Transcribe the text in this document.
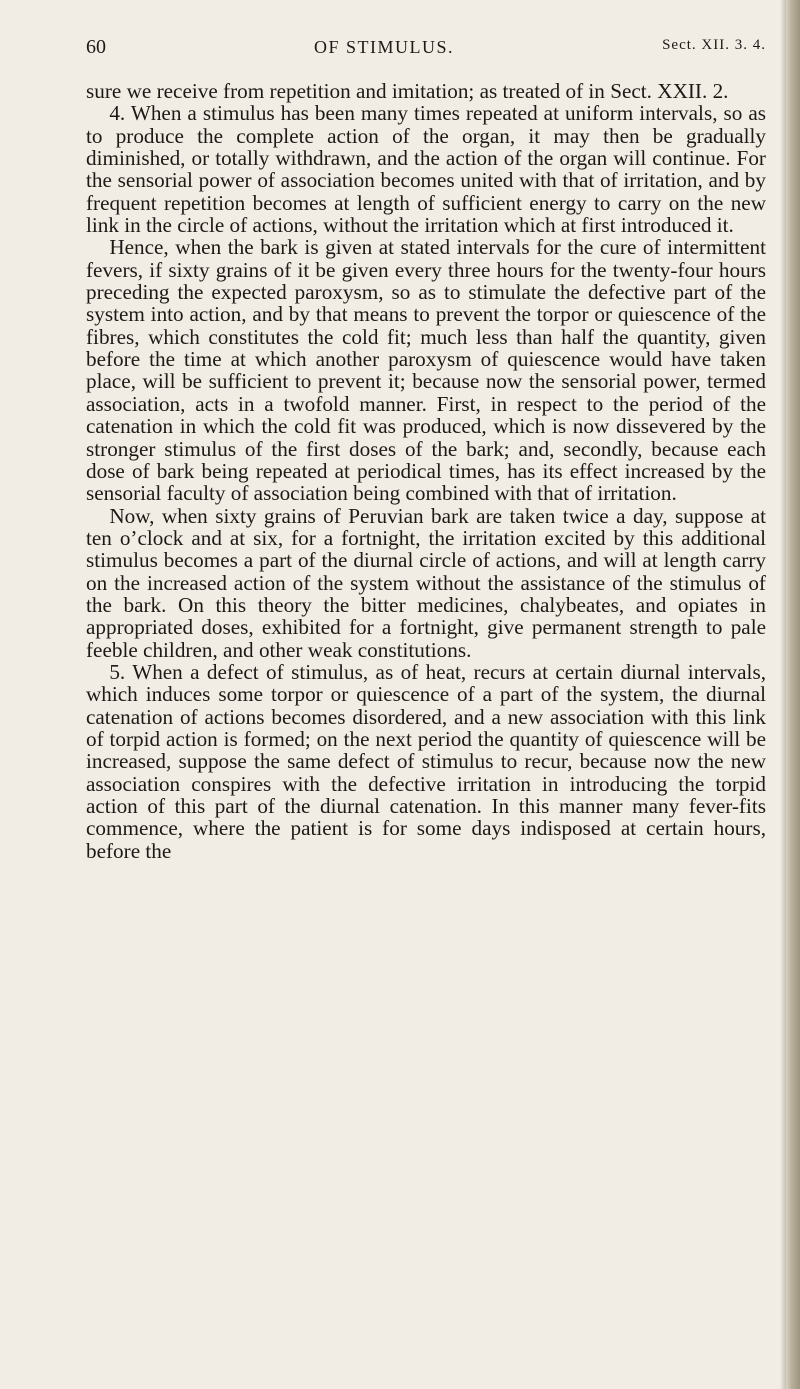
60	OF STIMULUS.	Sect. XII. 3. 4.

sure we receive from repetition and imitation; as treated of in Sect. XXII. 2.

4. When a stimulus has been many times repeated at uniform intervals, so as to produce the complete action of the organ, it may then be gradually diminished, or totally withdrawn, and the action of the organ will continue. For the sensorial power of association becomes united with that of irritation, and by frequent repetition becomes at length of sufficient energy to carry on the new link in the circle of actions, without the irritation which at first introduced it.

Hence, when the bark is given at stated intervals for the cure of intermittent fevers, if sixty grains of it be given every three hours for the twenty-four hours preceding the expected paroxysm, so as to stimulate the defective part of the system into action, and by that means to prevent the torpor or quiescence of the fibres, which constitutes the cold fit; much less than half the quantity, given before the time at which another paroxysm of quiescence would have taken place, will be sufficient to prevent it; because now the sensorial power, termed association, acts in a twofold manner. First, in respect to the period of the catenation in which the cold fit was produced, which is now dissevered by the stronger stimulus of the first doses of the bark; and, secondly, because each dose of bark being repeated at periodical times, has its effect increased by the sensorial faculty of association being combined with that of irritation.

Now, when sixty grains of Peruvian bark are taken twice a day, suppose at ten o’clock and at six, for a fortnight, the irritation excited by this additional stimulus becomes a part of the diurnal circle of actions, and will at length carry on the increased action of the system without the assistance of the stimulus of the bark. On this theory the bitter medicines, chalybeates, and opiates in appropriated doses, exhibited for a fortnight, give permanent strength to pale feeble children, and other weak constitutions.

5. When a defect of stimulus, as of heat, recurs at certain diurnal intervals, which induces some torpor or quiescence of a part of the system, the diurnal catenation of actions becomes disordered, and a new association with this link of torpid action is formed; on the next period the quantity of quiescence will be increased, suppose the same defect of stimulus to recur, because now the new association conspires with the defective irritation in introducing the torpid action of this part of the diurnal catenation. In this manner many fever-fits commence, where the patient is for some days indisposed at certain hours, before the
